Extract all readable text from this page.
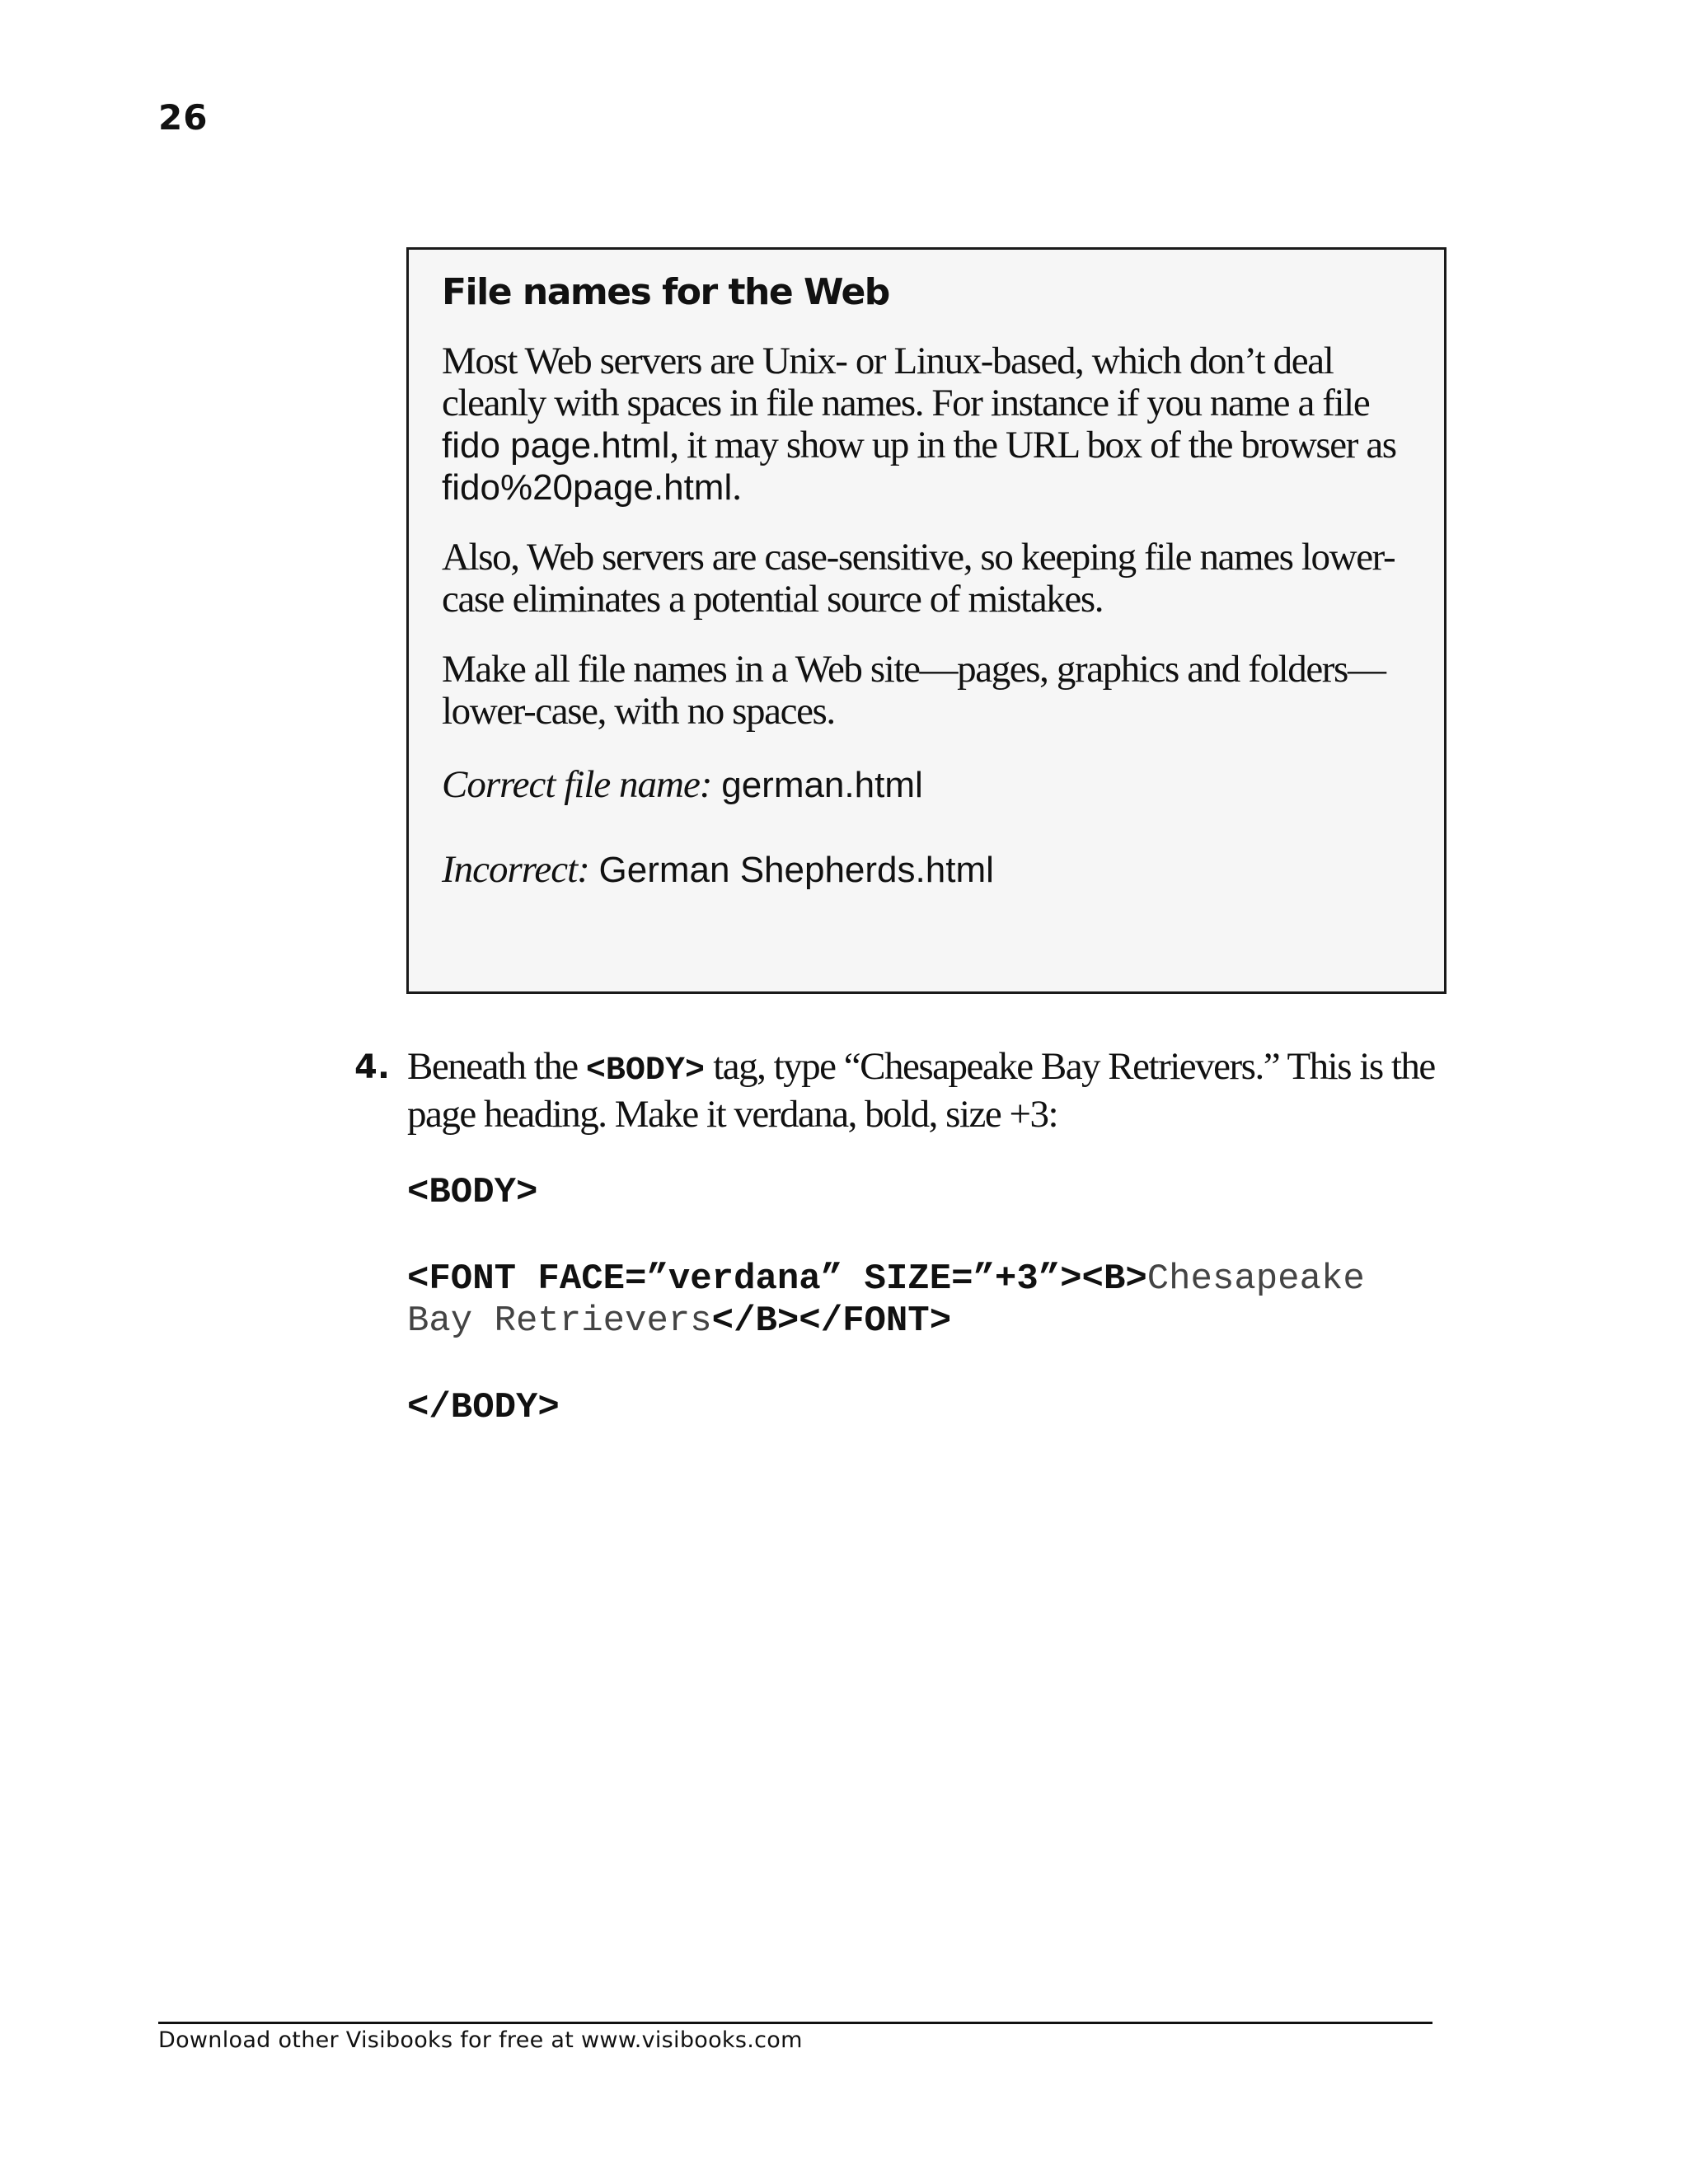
26
File names for the Web

Most Web servers are Unix- or Linux-based, which don’t deal cleanly with spaces in file names. For instance if you name a file fido page.html, it may show up in the URL box of the browser as fido%20page.html.

Also, Web servers are case-sensitive, so keeping file names lower-case eliminates a potential source of mistakes.

Make all file names in a Web site—pages, graphics and folders—lower-case, with no spaces.

Correct file name: german.html
Incorrect: German Shepherds.html
4. Beneath the <BODY> tag, type “Chesapeake Bay Retrievers.” This is the page heading. Make it verdana, bold, size +3:

<BODY>
<FONT FACE=”verdana” SIZE=”+3”><B>Chesapeake
Bay Retrievers</B></FONT>
</BODY>
Download other Visibooks for free at www.visibooks.com
